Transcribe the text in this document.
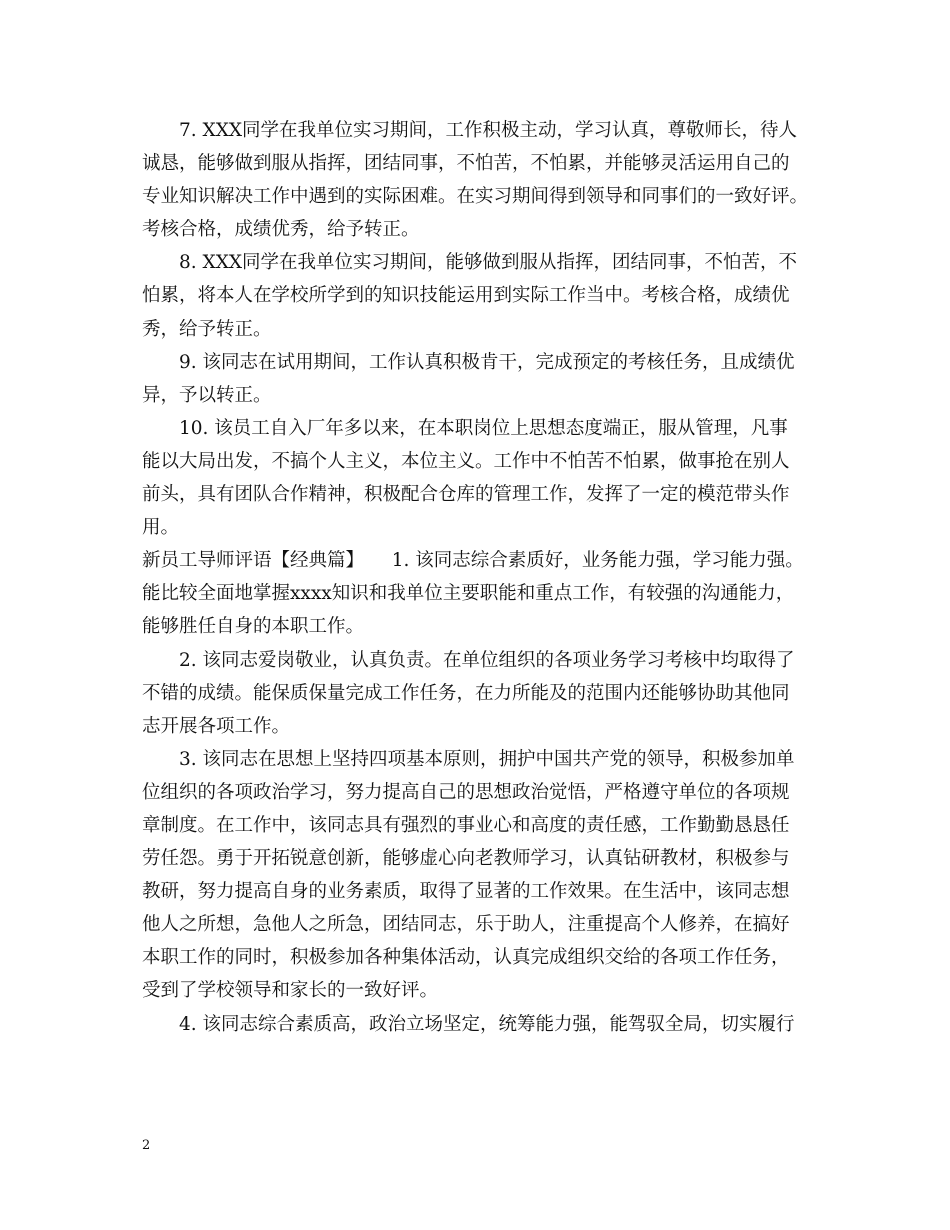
7. XXX同学在我单位实习期间，工作积极主动，学习认真，尊敬师长，待人
诚恳，能够做到服从指挥，团结同事，不怕苦，不怕累，并能够灵活运用自己的
专业知识解决工作中遇到的实际困难。在实习期间得到领导和同事们的一致好评。
考核合格，成绩优秀，给予转正。
8. XXX同学在我单位实习期间，能够做到服从指挥，团结同事，不怕苦，不
怕累，将本人在学校所学到的知识技能运用到实际工作当中。考核合格，成绩优
秀，给予转正。
9. 该同志在试用期间，工作认真积极肯干，完成预定的考核任务，且成绩优
异，予以转正。
10. 该员工自入厂年多以来，在本职岗位上思想态度端正，服从管理，凡事
能以大局出发，不搞个人主义，本位主义。工作中不怕苦不怕累，做事抢在别人
前头，具有团队合作精神，积极配合仓库的管理工作，发挥了一定的模范带头作
用。
新员工导师评语【经典篇】　　1. 该同志综合素质好，业务能力强，学习能力强。
能比较全面地掌握xxxx知识和我单位主要职能和重点工作，有较强的沟通能力，
能够胜任自身的本职工作。
2. 该同志爱岗敬业，认真负责。在单位组织的各项业务学习考核中均取得了
不错的成绩。能保质保量完成工作任务，在力所能及的范围内还能够协助其他同
志开展各项工作。
3. 该同志在思想上坚持四项基本原则，拥护中国共产党的领导，积极参加单
位组织的各项政治学习，努力提高自己的思想政治觉悟，严格遵守单位的各项规
章制度。在工作中，该同志具有强烈的事业心和高度的责任感，工作勤勤恳恳任
劳任怨。勇于开拓锐意创新，能够虚心向老教师学习，认真钻研教材，积极参与
教研，努力提高自身的业务素质，取得了显著的工作效果。在生活中，该同志想
他人之所想，急他人之所急，团结同志，乐于助人，注重提高个人修养，在搞好
本职工作的同时，积极参加各种集体活动，认真完成组织交给的各项工作任务，
受到了学校领导和家长的一致好评。
4. 该同志综合素质高，政治立场坚定，统筹能力强，能驾驭全局，切实履行
2
